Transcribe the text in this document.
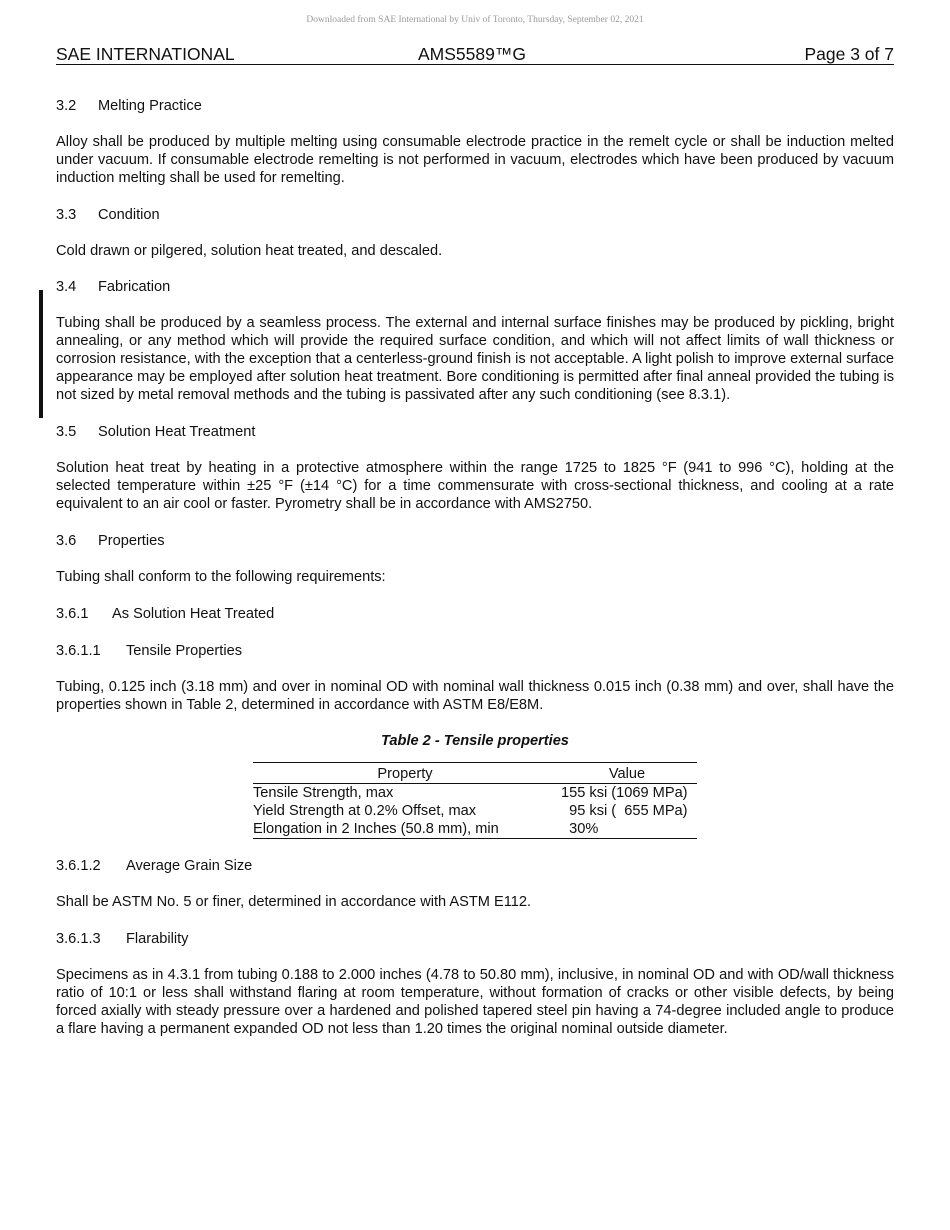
Downloaded from SAE International by Univ of Toronto, Thursday, September 02, 2021
SAE INTERNATIONAL	AMS5589™G	Page 3 of 7

3.2 Melting Practice

Alloy shall be produced by multiple melting using consumable electrode practice in the remelt cycle or shall be induction melted under vacuum. If consumable electrode remelting is not performed in vacuum, electrodes which have been produced by vacuum induction melting shall be used for remelting.

3.3 Condition

Cold drawn or pilgered, solution heat treated, and descaled.

3.4 Fabrication

Tubing shall be produced by a seamless process. The external and internal surface finishes may be produced by pickling, bright annealing, or any method which will provide the required surface condition, and which will not affect limits of wall thickness or corrosion resistance, with the exception that a centerless-ground finish is not acceptable. A light polish to improve external surface appearance may be employed after solution heat treatment. Bore conditioning is permitted after final anneal provided the tubing is not sized by metal removal methods and the tubing is passivated after any such conditioning (see 8.3.1).

3.5 Solution Heat Treatment

Solution heat treat by heating in a protective atmosphere within the range 1725 to 1825 °F (941 to 996 °C), holding at the selected temperature within ±25 °F (±14 °C) for a time commensurate with cross-sectional thickness, and cooling at a rate equivalent to an air cool or faster. Pyrometry shall be in accordance with AMS2750.

3.6 Properties

Tubing shall conform to the following requirements:

3.6.1 As Solution Heat Treated

3.6.1.1 Tensile Properties

Tubing, 0.125 inch (3.18 mm) and over in nominal OD with nominal wall thickness 0.015 inch (0.38 mm) and over, shall have the properties shown in Table 2, determined in accordance with ASTM E8/E8M.

Table 2 - Tensile properties

Property	Value
Tensile Strength, max	155 ksi (1069 MPa)
Yield Strength at 0.2% Offset, max	95 ksi (  655 MPa)
Elongation in 2 Inches (50.8 mm), min	30%

3.6.1.2 Average Grain Size

Shall be ASTM No. 5 or finer, determined in accordance with ASTM E112.

3.6.1.3 Flarability

Specimens as in 4.3.1 from tubing 0.188 to 2.000 inches (4.78 to 50.80 mm), inclusive, in nominal OD and with OD/wall thickness ratio of 10:1 or less shall withstand flaring at room temperature, without formation of cracks or other visible defects, by being forced axially with steady pressure over a hardened and polished tapered steel pin having a 74-degree included angle to produce a flare having a permanent expanded OD not less than 1.20 times the original nominal outside diameter.
